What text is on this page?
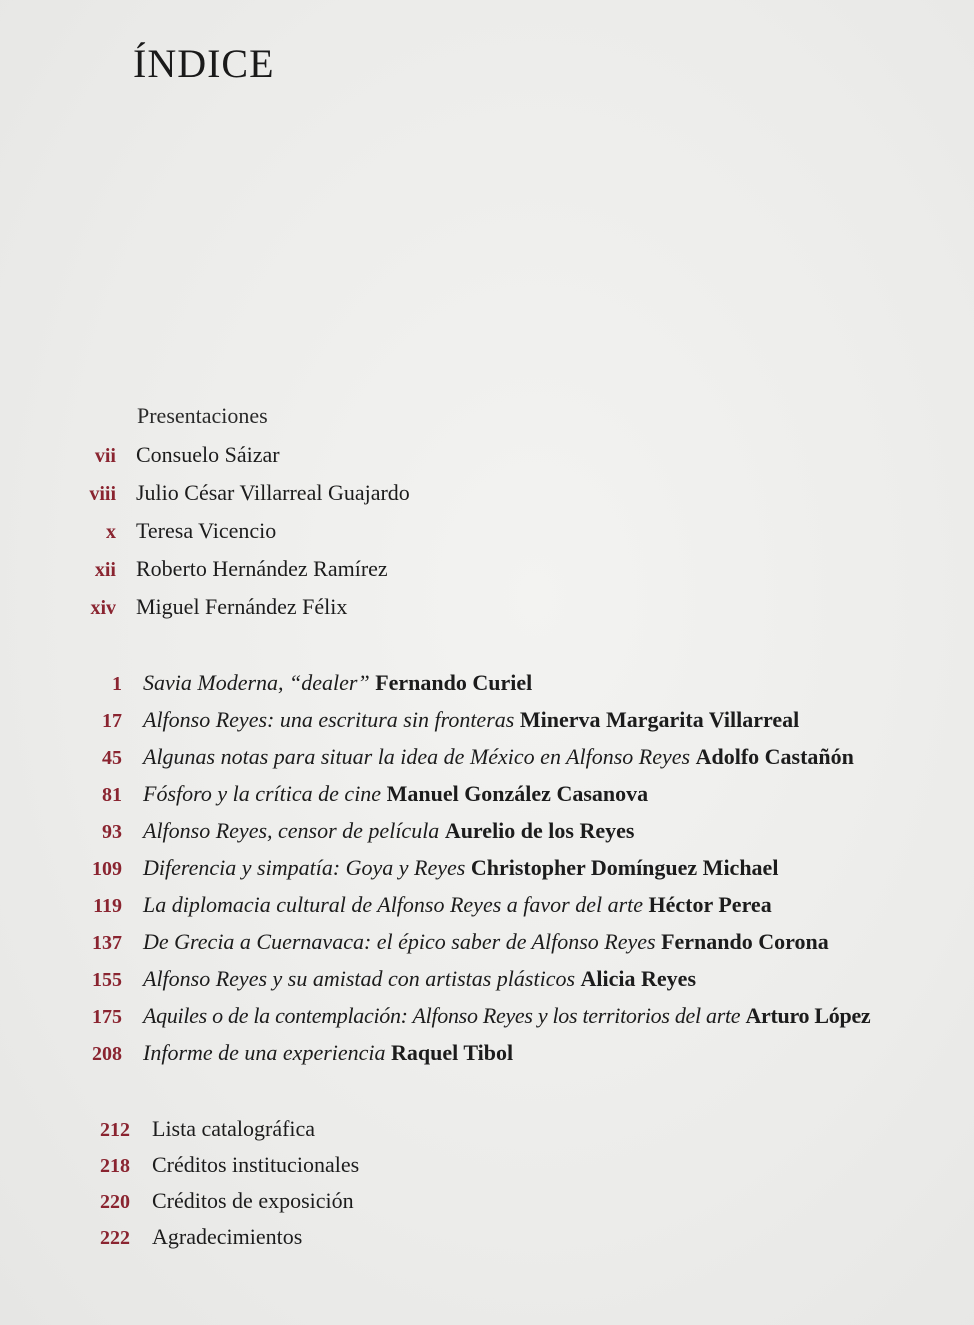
ÍNDICE
Presentaciones
vii Consuelo Sáizar
viii Julio César Villarreal Guajardo
x Teresa Vicencio
xii Roberto Hernández Ramírez
xiv Miguel Fernández Félix
1 Savia Moderna, “dealer” Fernando Curiel
17 Alfonso Reyes: una escritura sin fronteras Minerva Margarita Villarreal
45 Algunas notas para situar la idea de México en Alfonso Reyes Adolfo Castañón
81 Fósforo y la crítica de cine Manuel González Casanova
93 Alfonso Reyes, censor de película Aurelio de los Reyes
109 Diferencia y simpatía: Goya y Reyes Christopher Domínguez Michael
119 La diplomacia cultural de Alfonso Reyes a favor del arte Héctor Perea
137 De Grecia a Cuernavaca: el épico saber de Alfonso Reyes Fernando Corona
155 Alfonso Reyes y su amistad con artistas plásticos Alicia Reyes
175 Aquiles o de la contemplación: Alfonso Reyes y los territorios del arte Arturo López
208 Informe de una experiencia Raquel Tibol
212 Lista catalográfica
218 Créditos institucionales
220 Créditos de exposición
222 Agradecimientos
